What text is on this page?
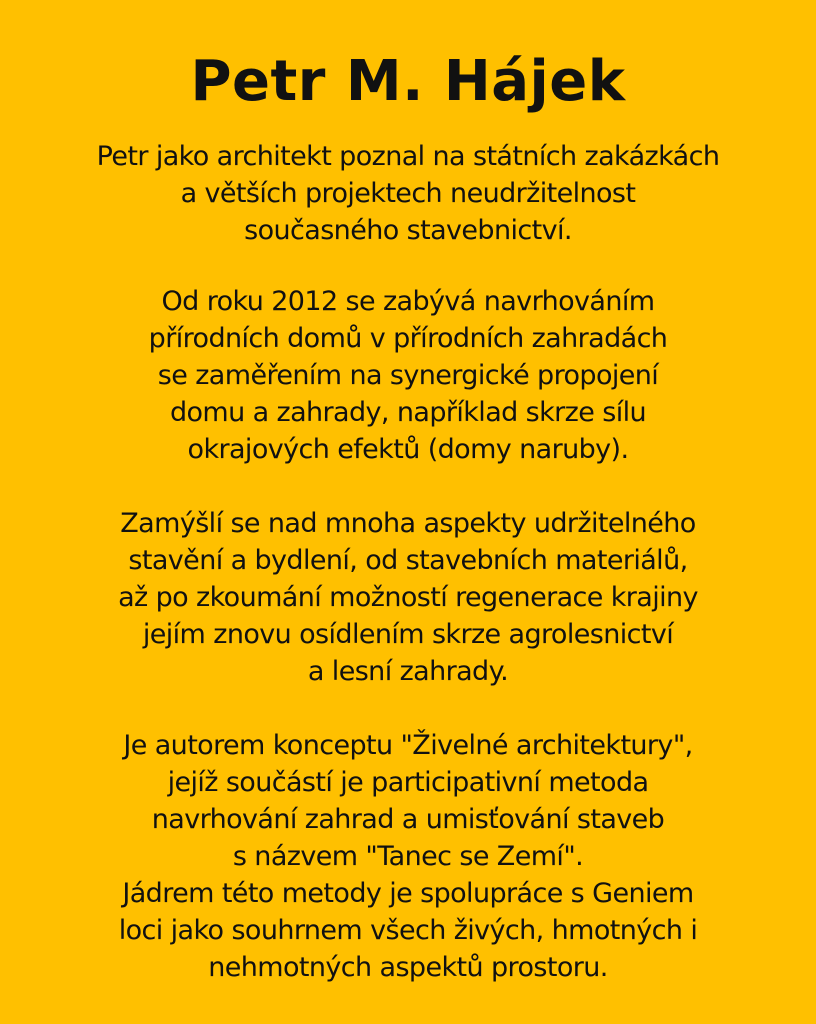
Petr M. Hájek

Petr jako architekt poznal na státních zakázkách
a větších projektech neudržitelnost
současného stavebnictví.

Od roku 2012 se zabývá navrhováním
přírodních domů v přírodních zahradách
se zaměřením na synergické propojení
domu a zahrady, například skrze sílu
okrajových efektů (domy naruby).

Zamýšlí se nad mnoha aspekty udržitelného
stavění a bydlení, od stavebních materiálů,
až po zkoumání možností regenerace krajiny
jejím znovu osídlením skrze agrolesnictví
a lesní zahrady.

Je autorem konceptu "Živelné architektury",
jejíž součástí je participativní metoda
navrhování zahrad a umisťování staveb
s názvem "Tanec se Zemí".
Jádrem této metody je spolupráce s Geniem
loci jako souhrnem všech živých, hmotných i
nehmotných aspektů prostoru.
